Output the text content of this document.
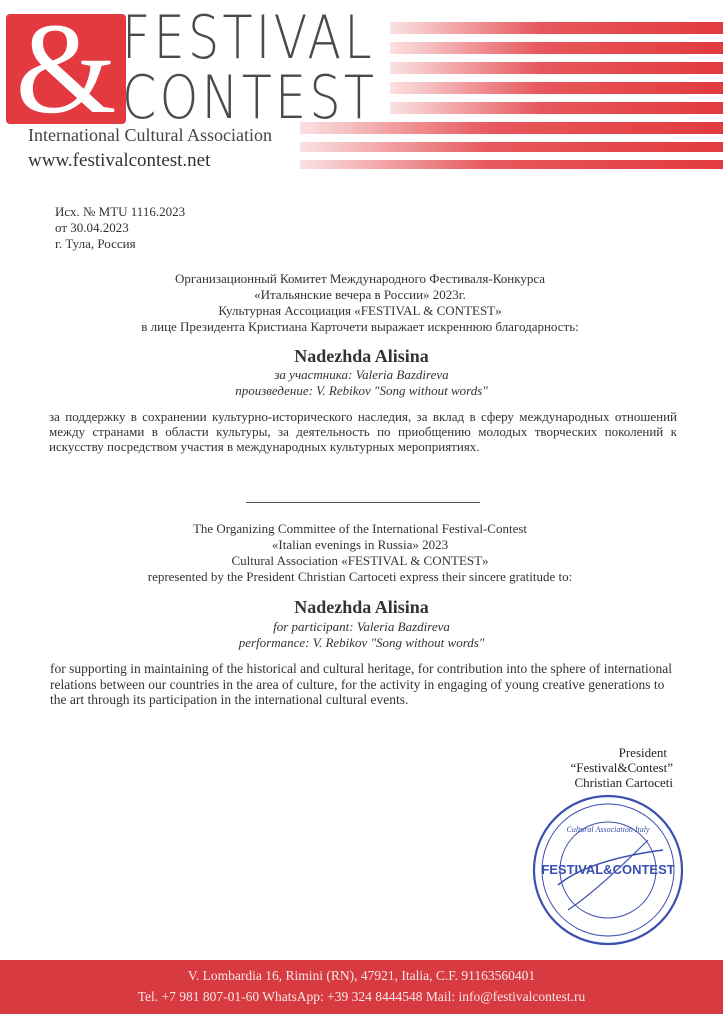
& FESTIVAL
CONTEST
International Cultural Association
www.festivalcontest.net
Исх. № MTU 1116.2023
от 30.04.2023
г. Тула, Россия
Организационный Комитет Международного Фестиваля-Конкурса
«Итальянские вечера в России» 2023г.
Культурная Ассоциация «FESTIVAL & CONTEST»
в лице Президента Кристиана Карточети выражает искреннюю благодарность:
Nadezhda Alisina
за участника: Valeria Bazdireva
произведение: V. Rebikov "Song without words"
за поддержку в сохранении культурно-исторического наследия, за вклад в сферу международных отношений между странами в области культуры, за деятельность по приобщению молодых творческих поколений к искусству посредством участия в международных культурных мероприятиях.
The Organizing Committee of the International Festival-Contest
«Italian evenings in Russia» 2023
Cultural Association «FESTIVAL & CONTEST»
represented by the President Christian Cartoceti express their sincere gratitude to:
Nadezhda Alisina
for participant: Valeria Bazdireva
performance: V. Rebikov "Song without words"
for supporting in maintaining of the historical and cultural heritage, for contribution into the sphere of international relations between our countries in the area of culture, for the activity in engaging of young creative generations to the art through its participation in the international cultural events.
President
“Festival&Contest”
Christian Cartoceti
Cultural Association Italy
FESTIVAL&CONTEST
V. Lombardia 16, Rimini (RN), 47921, Italia, C.F. 91163560401
Tel. +7 981 807-01-60 WhatsApp: +39 324 8444548 Mail: info@festivalcontest.ru
